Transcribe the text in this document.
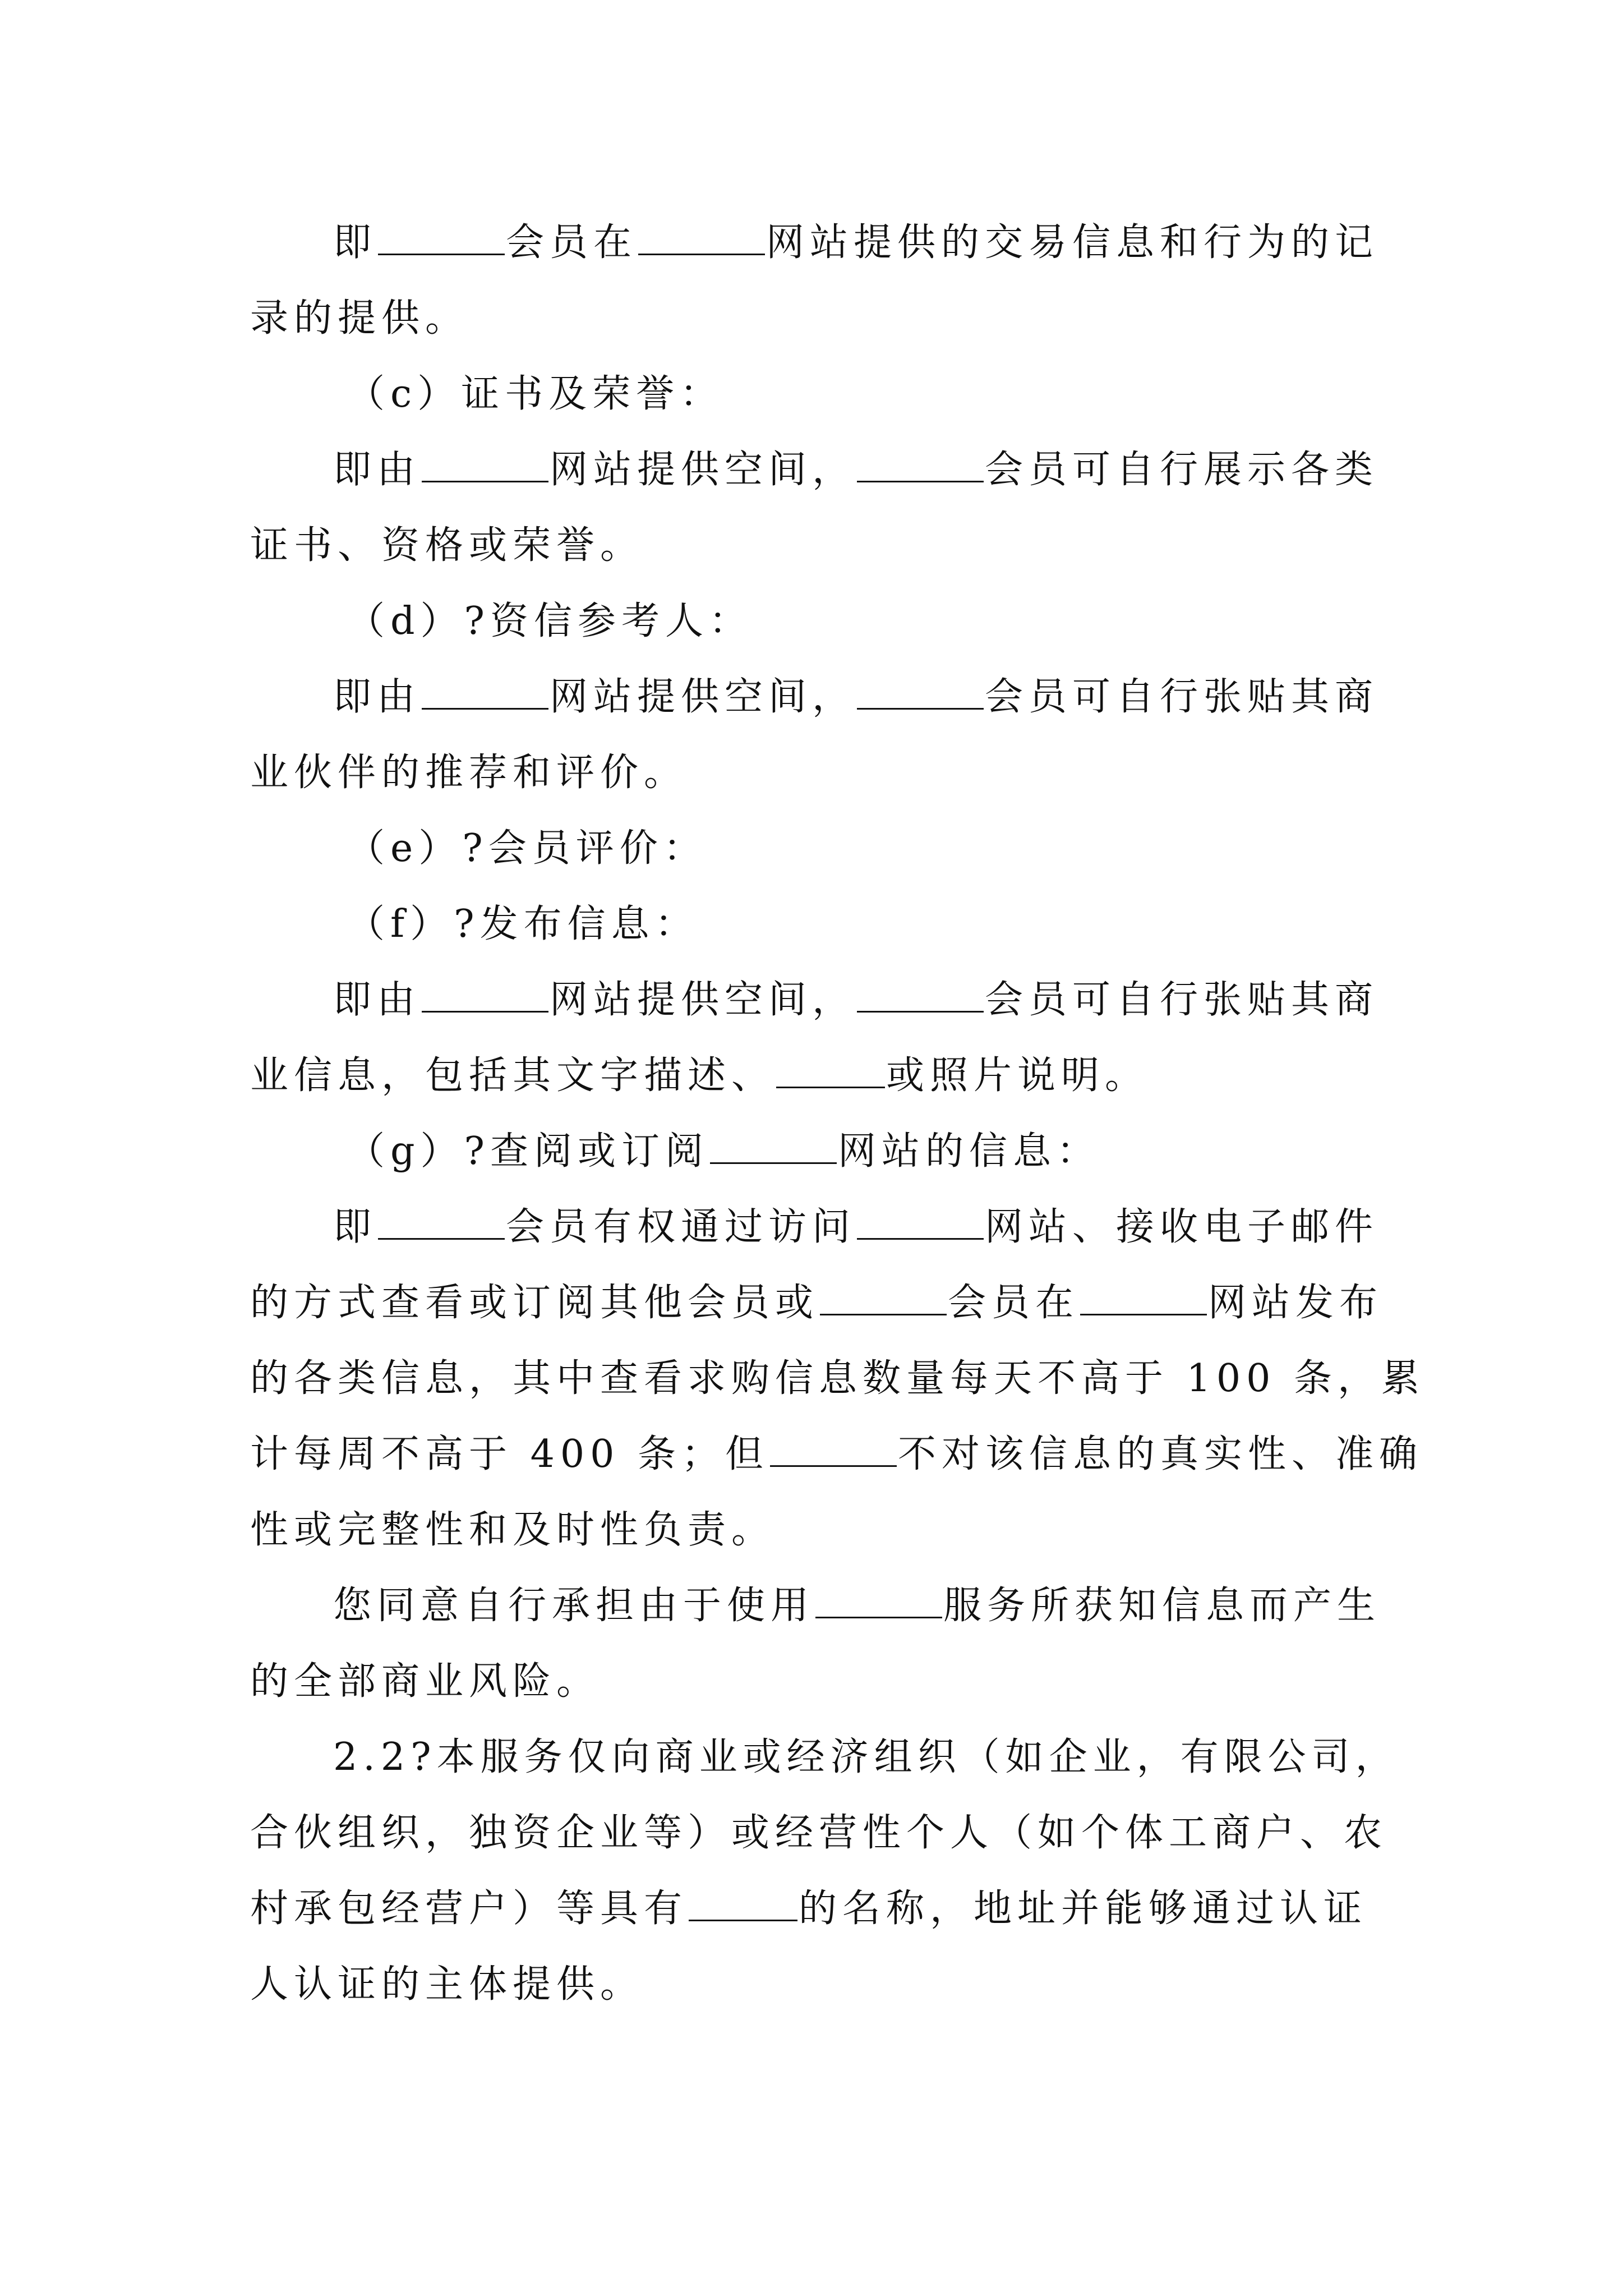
即	会员在	网站提供的交易信息和行为的记
录的提供。
（c）证书及荣誉：
即由	网站提供空间，	会员可自行展示各类
证书、资格或荣誉。
（d）?资信参考人：
即由	网站提供空间，	会员可自行张贴其商
业伙伴的推荐和评价。
（e）?会员评价：
（f）?发布信息：
即由	网站提供空间，	会员可自行张贴其商
业信息，包括其文字描述、	或照片说明。
（g）?查阅或订阅	网站的信息：
即	会员有权通过访问	网站、接收电子邮件
的方式查看或订阅其他会员或	会员在	网站发布
的各类信息，其中查看求购信息数量每天不高于 100 条，累
计每周不高于 400 条；但	不对该信息的真实性、准确
性或完整性和及时性负责。
您同意自行承担由于使用	服务所获知信息而产生
的全部商业风险。
2.2?本服务仅向商业或经济组织（如企业，有限公司，
合伙组织，独资企业等）或经营性个人（如个体工商户、农
村承包经营户）等具有	的名称，地址并能够通过认证
人认证的主体提供。
